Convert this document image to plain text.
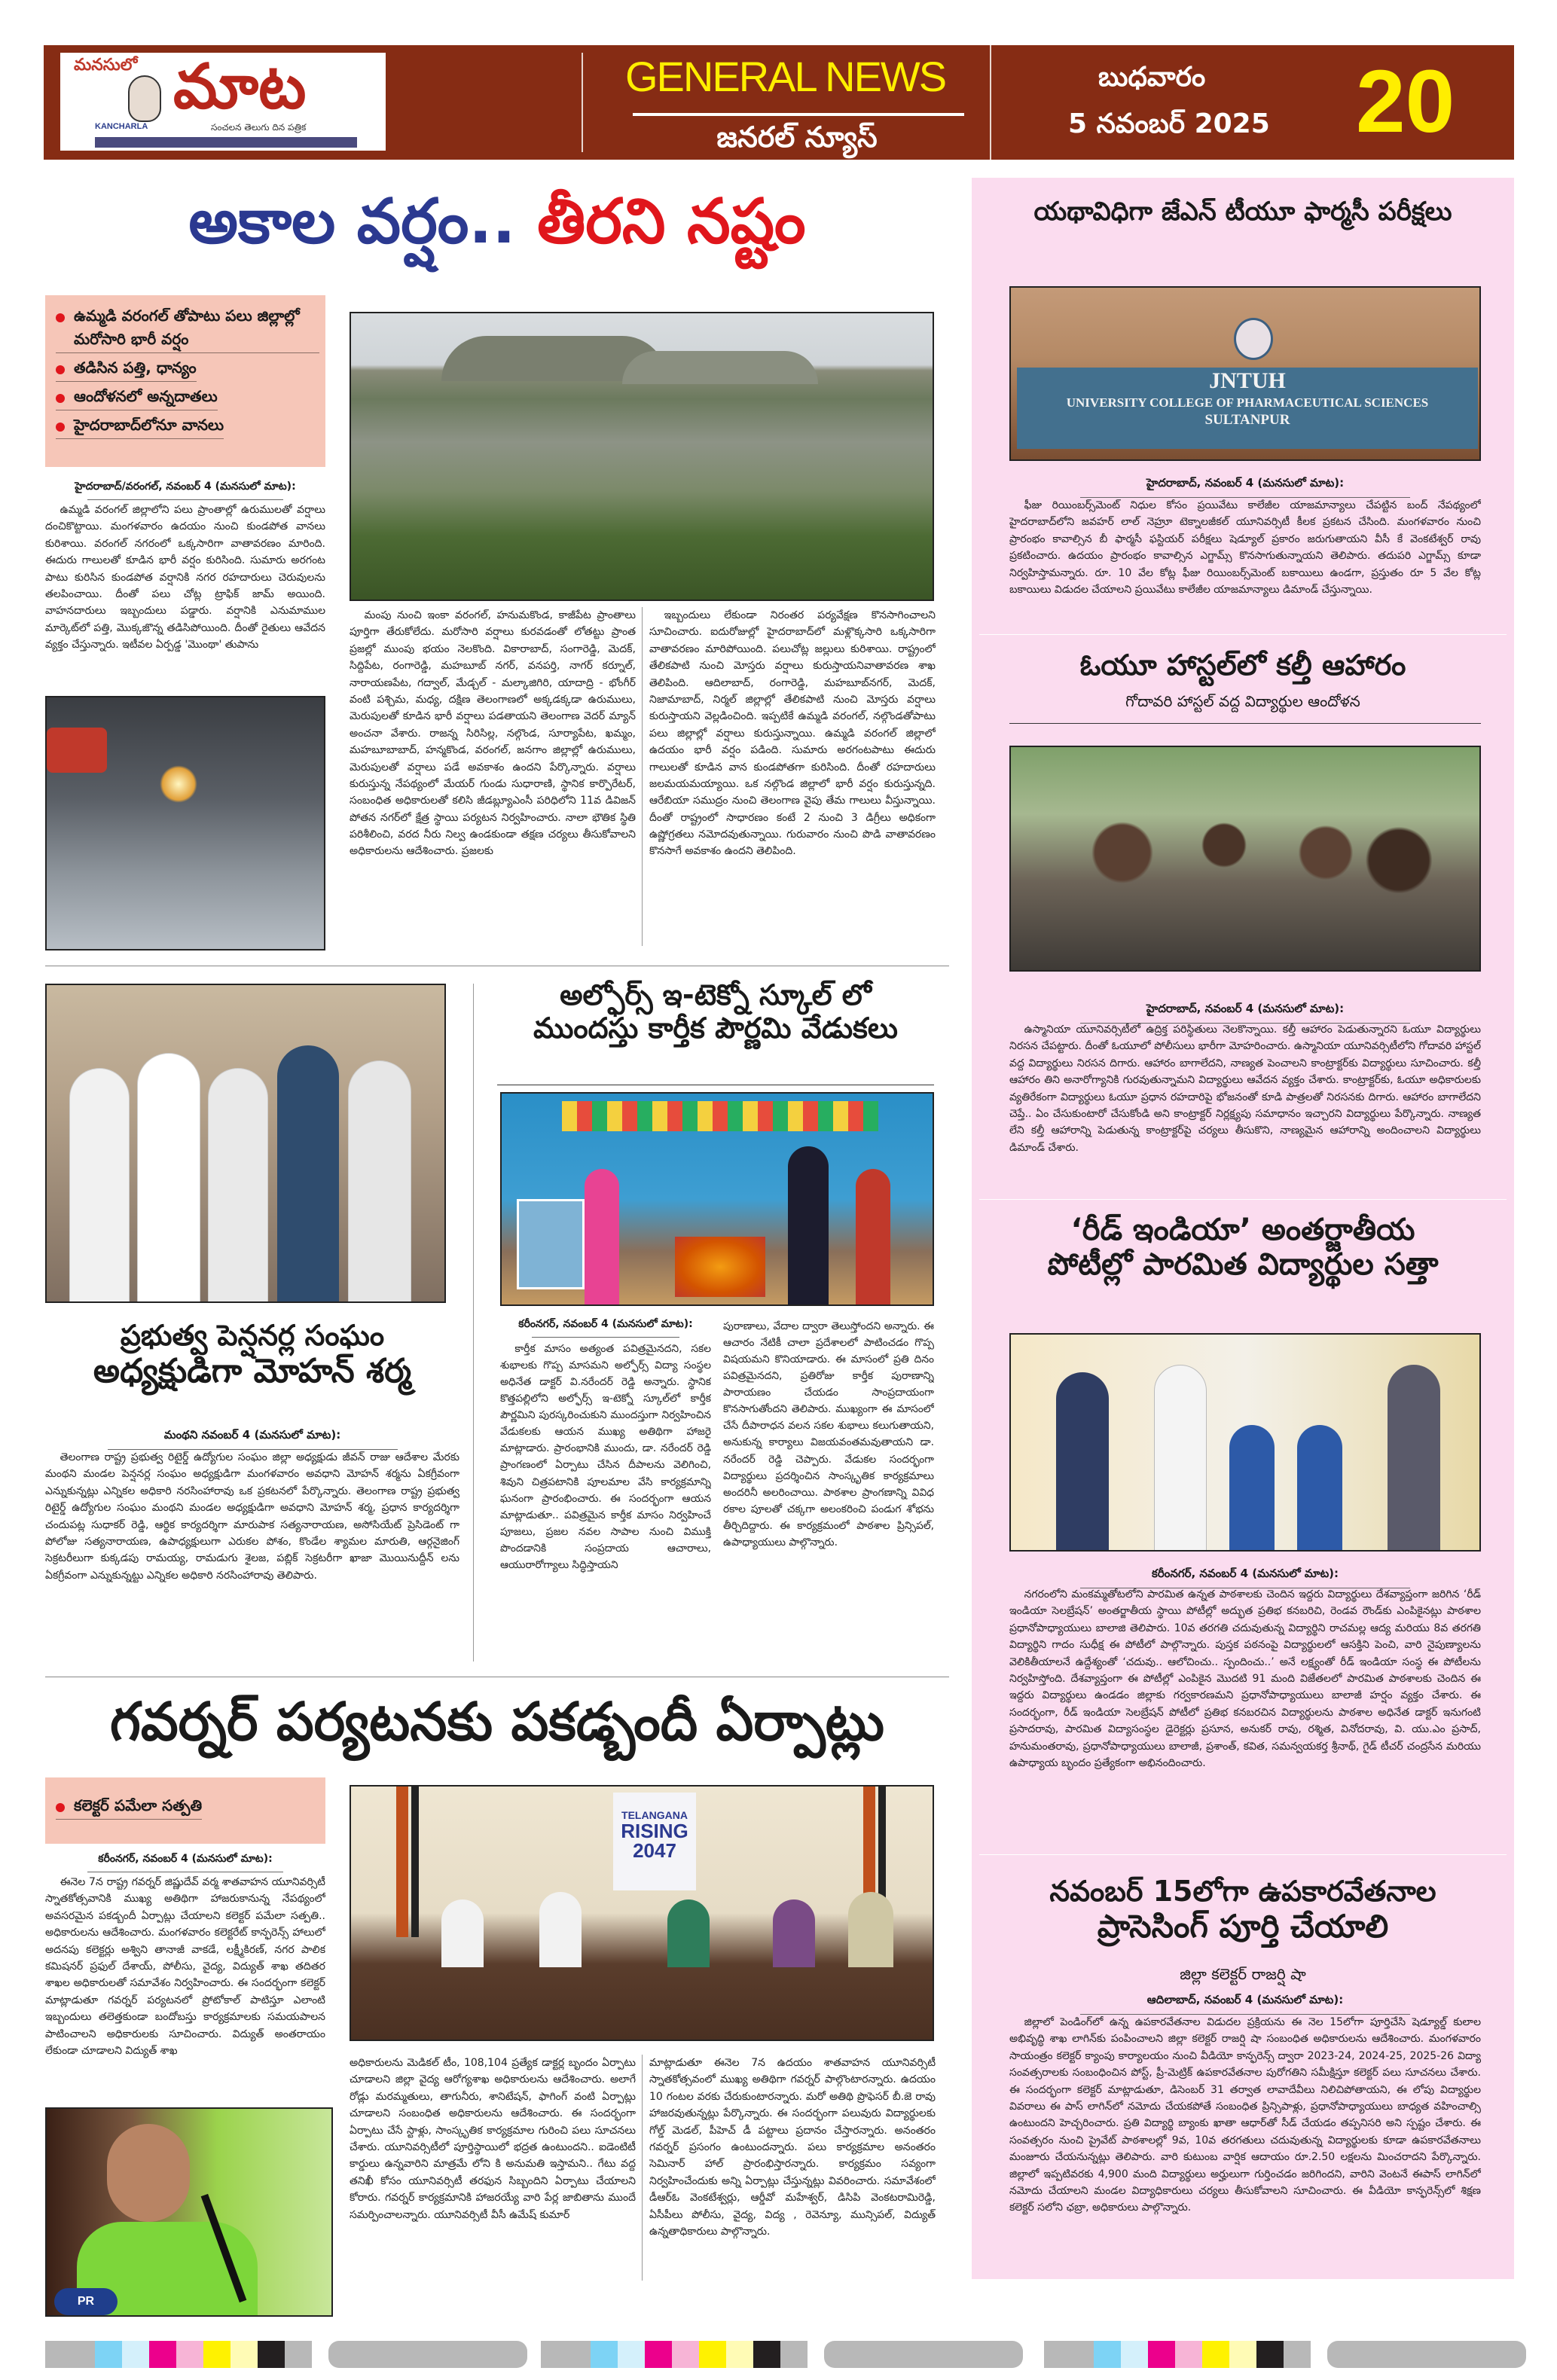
మనసులో మాట
KANCHARLA	సంచలన తెలుగు దిన పత్రిక
GENERAL NEWS
జనరల్ న్యూస్
బుధవారం
5 నవంబర్ 2025 20
అకాల వర్షం.. తీరని నష్టం
ఉమ్మడి వరంగల్ తోపాటు పలు జిల్లాల్లో మరోసారి భారీ వర్షం
తడిసిన పత్తి, ధాన్యం
ఆందోళనలో అన్నదాతలు
హైదరాబాద్‌లోనూ వానలు
హైదరాబాద్/వరంగల్, నవంబర్ 4 (మనసులో మాట):
ఉమ్మడి వరంగల్ జిల్లాలోని పలు ప్రాంతాల్లో ఉరుములతో వర్షాలు దంచికొట్టాయి. మంగళవారం ఉదయం నుంచి కుండపోత వానలు కురిశాయి. వరంగల్ నగరంలో ఒక్కసారిగా వాతావరణం మారింది. ఈదురు గాలులతో కూడిన భారీ వర్షం కురిసింది. సుమారు అరగంట పాటు కురిసిన కుండపోత వర్షానికి నగర రహదారులు చెరువులను తలపించాయి. దీంతో పలు చోట్ల ట్రాఫిక్ జామ్ అయింది. వాహనదారులు ఇబ్బందులు పడ్డారు. వర్షానికి ఎనుమాముల మార్కెట్‌లో పత్తి, మొక్కజొన్న తడిసిపోయింది. దీంతో రైతులు ఆవేదన వ్యక్తం చేస్తున్నారు. ఇటీవల ఏర్పడ్డ 'మొంథా' తుపాను
మంపు నుంచి ఇంకా వరంగల్, హనుమకొండ, కాజీపేట ప్రాంతాలు పూర్తిగా తేరుకోలేదు. మరోసారి వర్షాలు కురవడంతో లోతట్టు ప్రాంత ప్రజల్లో ముంపు భయం నెలకొంది. వికారాబాద్, సంగారెడ్డి, మెదక్, సిద్దిపేట, రంగారెడ్డి, మహబూబ్ నగర్, వనపర్తి, నాగర్ కర్నూల్, నారాయణపేట, గద్వాల్, మేడ్చల్ - మల్కాజిగిరి, యాదాద్రి - భోంగీర్ వంటి పశ్చిమ, మధ్య, దక్షిణ తెలంగాణలో అక్కడక్కడా ఉరుములు, మెరుపులతో కూడిన భారీ వర్షాలు పడతాయని తెలంగాణ వెదర్ మ్యాన్ అంచనా వేశారు. రాజన్న సిరిసిల్ల, నల్గొండ, సూర్యాపేట, ఖమ్మం, మహబూబాబాద్, హన్మకొండ, వరంగల్, జనగాం జిల్లాల్లో ఉరుములు, మెరుపులతో వర్షాలు పడే అవకాశం ఉందని పేర్కొన్నారు. వర్షాలు కురుస్తున్న నేపథ్యంలో మేయర్ గుండు సుధారాణి, స్థానిక కార్పొరేటర్, సంబంధిత అధికారులతో కలిసి జీడబ్ల్యూఎంసీ పరిధిలోని 11వ డివిజన్ పోతన నగర్‌లో క్షేత్ర స్థాయి పర్యటన నిర్వహించారు. నాలా భౌతిక స్థితి పరిశీలించి, వరద నీరు నిల్వ ఉండకుండా తక్షణ చర్యలు తీసుకోవాలని అధికారులను ఆదేశించారు. ప్రజలకు
ఇబ్బందులు లేకుండా నిరంతర పర్యవేక్షణ కొనసాగించాలని సూచించారు. ఐదురోజుల్లో హైదరాబాద్‌లో మళ్లొక్కసారి ఒక్కసారిగా వాతావరణం మారిపోయింది. పలుచోట్ల జల్లులు కురిశాయి. రాష్ట్రంలో తేలికపాటి నుంచి మోస్తరు వర్షాలు కురుస్తాయనివాతావరణ శాఖ తెలిపింది. ఆదిలాబాద్, రంగారెడ్డి, మహబూబ్‌నగర్, మెదక్, నిజామాబాద్, నిర్మల్ జిల్లాల్లో తేలికపాటి నుంచి మోస్తరు వర్షాలు కురుస్తాయని వెల్లడించింది. ఇప్పటికే ఉమ్మడి వరంగల్, నల్గొండతోపాటు పలు జిల్లాల్లో వర్షాలు కురుస్తున్నాయి. ఉమ్మడి వరంగల్ జిల్లాలో ఉదయం భారీ వర్షం పడింది. సుమారు అరగంటపాటు ఈదురు గాలులతో కూడిన వాన కుండపోతగా కురిసింది. దీంతో రహదారులు జలమయమయ్యాయి. ఒక నల్గొండ జిల్లాలో భారీ వర్షం కురుస్తున్నది. ఆరేబియా సముద్రం నుంచి తెలంగాణ వైపు తేమ గాలులు వీస్తున్నాయి. దీంతో రాష్ట్రంలో సాధారణం కంటే 2 నుంచి 3 డిగ్రీలు అధికంగా ఉష్ణోగ్రతలు నమోదవుతున్నాయి. గురువారం నుంచి పొడి వాతావరణం కొనసాగే అవకాశం ఉందని తెలిపింది.
యథావిధిగా జేఎన్ టీయూ ఫార్మసీ పరీక్షలు
JNTUH
UNIVERSITY COLLEGE OF PHARMACEUTICAL SCIENCES
SULTANPUR
హైదరాబాద్, నవంబర్ 4 (మనసులో మాట):
ఫీజు రియింబర్స్‌మెంట్ నిధుల కోసం ప్రయివేటు కాలేజీల యాజమాన్యాలు చేపట్టిన బంద్ నేపథ్యంలో హైదరాబాద్‌లోని జవహర్ లాల్ నెహ్రూ టెక్నాలజీకల్ యూనివర్సిటీ కీలక ప్రకటన చేసింది. మంగళవారం నుంచి ప్రారంభం కావాల్సిన బీ ఫార్మసీ ఫస్టియర్ పరీక్షలు షెడ్యూల్ ప్రకారం జరుగుతాయని వీసీ కే వెంకటేశ్వర్ రావు ప్రకటించారు. ఉదయం ప్రారంభం కావాల్సిన ఎగ్జామ్స్ కొనసాగుతున్నాయని తెలిపారు. తదుపరి ఎగ్జామ్స్ కూడా నిర్వహిస్తామన్నారు. రూ. 10 వేల కోట్ల ఫీజు రియింబర్స్‌మెంట్ బకాయిలు ఉండగా, ప్రస్తుతం రూ 5 వేల కోట్ల బకాయిలు విడుదల చేయాలని ప్రయివేటు కాలేజీల యాజమాన్యాలు డిమాండ్ చేస్తున్నాయి.
ఓయూ హాస్టల్‌లో కల్తీ ఆహారం
గోదావరి హాస్టల్ వద్ద విద్యార్థుల ఆందోళన
హైదరాబాద్, నవంబర్ 4 (మనసులో మాట):
ఉస్మానియా యూనివర్సిటీలో ఉద్రిక్త పరిస్థితులు నెలకొన్నాయి. కల్తీ ఆహారం పెడుతున్నారని ఓయూ విద్యార్థులు నిరసన చేపట్టారు. దీంతో ఓయూలో పోలీసులు భారీగా మోహరించారు. ఉస్మానియా యూనివర్సిటీలోని గోదావరి హాస్టల్ వద్ద విద్యార్థులు నిరసన దిగారు. ఆహారం బాగాలేదని, నాణ్యత పెంచాలని కాంట్రాక్టర్‌కు విద్యార్థులు సూచించారు. కల్తీ ఆహారం తిని అనారోగ్యానికి గురవుతున్నామని విద్యార్థులు ఆవేదన వ్యక్తం చేశారు. కాంట్రాక్టర్‌కు, ఓయూ అధికారులకు వ్యతిరేకంగా విద్యార్థులు ఓయూ ప్రధాన రహదారిపై భోజనంతో కూడి పాత్రలతో నిరసనకు దిగారు. ఆహారం బాగాలేదని చెప్తే.. ఏం చేసుకుంటారో చేసుకోండి అని కాంట్రాక్టర్ నిర్లక్ష్యపు సమాధానం ఇచ్చారని విద్యార్థులు పేర్కొన్నారు. నాణ్యత లేని కల్తీ ఆహారాన్ని పెడుతున్న కాంట్రాక్టర్‌పై చర్యలు తీసుకొని, నాణ్యమైన ఆహారాన్ని అందించాలని విద్యార్థులు డిమాండ్ చేశారు.
‘రీడ్ ఇండియా’ అంతర్జాతీయ
పోటీల్లో పారమిత విద్యార్థుల సత్తా
కరీంనగర్, నవంబర్ 4 (మనసులో మాట):
నగరంలోని మంకమ్మతోటలోని పారమిత ఉన్నత పాఠశాలకు చెందిన ఇద్దరు విద్యార్థులు దేశవ్యాప్తంగా జరిగిన ‘రీడ్ ఇండియా సెలబ్రేషన్’ అంతర్జాతీయ స్థాయి పోటీల్లో అద్భుత ప్రతిభ కనబరిచి, రెండవ రౌండ్‌కు ఎంపికైనట్లు పాఠశాల ప్రధానోపాధ్యాయులు బాలాజి తెలిపారు. 10వ తరగతి చదువుతున్న విద్యార్థిని రాచమల్ల ఆద్య మరియు 8వ తరగతి విద్యార్థిని గాదం సుధీక్ష ఈ పోటీలో పాల్గొన్నారు. పుస్తక పఠనంపై విద్యార్థులలో ఆసక్తిని పెంచి, వారి నైపుణ్యాలను వెలికితీయాలనే ఉద్దేశ్యంతో ‘చదువు.. ఆలోచించు.. స్పందించు..’ అనే లక్ష్యంతో రీడ్ ఇండియా సంస్థ ఈ పోటీలను నిర్వహిస్తోంది. దేశవ్యాప్తంగా ఈ పోటీల్లో ఎంపికైన మొదటి 91 మంది విజేతలలో పారమిత పాఠశాలకు చెందిన ఈ ఇద్దరు విద్యార్థులు ఉండడం జిల్లాకు గర్వకారణమని ప్రధానోపాధ్యాయులు బాలాజీ హర్షం వ్యక్తం చేశారు. ఈ సందర్భంగా, రీడ్ ఇండియా సెలబ్రేషన్ పోటీలో ప్రతిభ కనబరచిన విద్యార్థులను పాఠశాల అధినేత డాక్టర్ ఇనుగంటి ప్రసాదరావు, పారమిత విద్యాసంస్థల డైరెక్టర్లు ప్రసూన, అనుకర్ రావు, రశ్మిత, వినోదరావు, వి. యు.ఎం ప్రసాద్, హనుమంతరావు, ప్రధానోపాధ్యాయులు బాలాజీ, ప్రశాంత్, కవిత, సమన్వయకర్త శ్రీనాథ్, గైడ్ టీచర్ చంద్రసేన మరియు ఉపాధ్యాయ బృందం ప్రత్యేకంగా అభినందించారు.
నవంబర్ 15లోగా ఉపకారవేతనాల
ప్రాసెసింగ్ పూర్తి చేయాలి
జిల్లా కలెక్టర్ రాజర్షి షా
ఆదిలాబాద్, నవంబర్ 4 (మనసులో మాట):
జిల్లాలో పెండింగ్‌లో ఉన్న ఉపకారవేతనాల విడుదల ప్రక్రియను ఈ నెల 15లోగా పూర్తిచేసి షెడ్యూల్డ్ కులాల అభివృద్ధి శాఖ లాగిన్‌కు పంపించాలని జిల్లా కలెక్టర్ రాజర్షి షా సంబంధిత అధికారులను ఆదేశించారు. మంగళవారం సాయంత్రం కలెక్టర్ క్యాంపు కార్యాలయం నుంచి వీడియో కాన్ఫరెన్స్ ద్వారా 2023-24, 2024-25, 2025-26 విద్యా సంవత్సరాలకు సంబంధించిన పోస్ట్, ప్రీ-మెట్రిక్ ఉపకారవేతనాల పురోగతిని సమీక్షిస్తూ కలెక్టర్ పలు సూచనలు చేశారు. ఈ సందర్భంగా కలెక్టర్ మాట్లాడుతూ, డిసెంబర్ 31 తర్వాత లావాదేవీలు నిలిచిపోతాయని, ఈ లోపు విద్యార్థుల వివరాలు ఈ పాస్ లాగిన్‌లో నమోదు చేయకపోతే సంబంధిత ప్రిన్సిపాళ్లు, ప్రధానోపాధ్యాయులు బాధ్యత వహించాల్సి ఉంటుందని హెచ్చరించారు. ప్రతి విద్యార్థి బ్యాంకు ఖాతా ఆధార్‌తో సీడ్ చేయడం తప్పనిసరి అని స్పష్టం చేశారు. ఈ సంవత్సరం నుంచి ప్రైవేట్ పాఠశాలల్లో 9వ, 10వ తరగతులు చదువుతున్న విద్యార్థులకు కూడా ఉపకారవేతనాలు మంజూరు చేయనున్నట్లు తెలిపారు. వారి కుటుంబ వార్షిక ఆదాయం రూ.2.50 లక్షలను మించరాదని పేర్కొన్నారు. జిల్లాలో ఇప్పటివరకు 4,900 మంది విద్యార్థులు అర్హులుగా గుర్తించడం జరిగిందని, వారిని వెంటనే ఈపాస్ లాగిన్‌లో నమోదు చేయాలని మండల విద్యాధికారులు చర్యలు తీసుకోవాలని సూచించారు. ఈ వీడియో కాన్ఫరెన్స్‌లో శిక్షణ కలెక్టర్ సలోని ఛబ్రా, అధికారులు పాల్గొన్నారు.
ప్రభుత్వ పెన్షనర్ల సంఘం
అధ్యక్షుడిగా మోహన్ శర్మ
మంథని నవంబర్ 4 (మనసులో మాట):
తెలంగాణ రాష్ట్ర ప్రభుత్వ రిటైర్డ్ ఉద్యోగుల సంఘం జిల్లా అధ్యక్షుడు జీవన్ రాజు ఆదేశాల మేరకు మంథని మండల పెన్షనర్ల సంఘం అధ్యక్షుడిగా మంగళవారం అవధాని మోహన్ శర్మను ఏకగ్రీవంగా ఎన్నుకున్నట్లు ఎన్నికల అధికారి నరసింహారావు ఒక ప్రకటనలో పేర్కొన్నారు. తెలంగాణ రాష్ట్ర ప్రభుత్వ రిటైర్డ్ ఉద్యోగుల సంఘం మంథని మండల అధ్యక్షుడిగా అవధాని మోహన్ శర్మ, ప్రధాన కార్యదర్శిగా చందుపట్ల సుధాకర్ రెడ్డి, ఆర్థిక కార్యదర్శిగా మారుపాక సత్యనారాయణ, అసోసియేట్ ప్రెసిడెంట్ గా పోలోజు సత్యనారాయణ, ఉపాధ్యక్షులుగా ఎరుకల పోశం, కొండేల శ్యామల మారుతి, ఆర్గనైజింగ్ సెక్రటరీలుగా కుక్కడపు రామయ్య, రామడుగు శైలజ, పబ్లిక్ సెక్రటరీగా ఖాజా మొయినుద్దీన్ లను ఏకగ్రీవంగా ఎన్నుకున్నట్టు ఎన్నికల అధికారి నరసింహారావు తెలిపారు.
అల్ఫోర్స్ ఇ-టెక్నో స్కూల్ లో
ముందస్తు కార్తీక పౌర్ణమి వేడుకలు
కరీంనగర్, నవంబర్ 4 (మనసులో మాట):
కార్తీక మాసం అత్యంత పవిత్రమైనదని, సకల శుభాలకు గొప్ప మాసమని అల్ఫోర్స్ విద్యా సంస్థల అధినేత డాక్టర్ వి.నరేందర్ రెడ్డి అన్నారు. స్థానిక కొత్తపల్లిలోని అల్ఫోర్స్ ఇ-టెక్నో స్కూల్‌లో కార్తీక పౌర్ణమిని పురస్కరించుకుని ముందస్తుగా నిర్వహించిన వేడుకలకు ఆయన ముఖ్య అతిథిగా హాజరై మాట్లాడారు. ప్రారంభానికి ముందు, డా. నరేందర్ రెడ్డి ప్రాంగణంలో ఏర్పాటు చేసిన దీపాలను వెలిగించి, శివుని చిత్రపటానికి పూలమాల వేసి కార్యక్రమాన్ని ఘనంగా ప్రారంభించారు. ఈ సందర్భంగా ఆయన మాట్లాడుతూ.. పవిత్రమైన కార్తీక మాసం నిర్వహించే పూజలు, ప్రజల నవల సాపాల నుంచి విముక్తి పొందడానికి సంప్రదాయ ఆచారాలు, ఆయురారోగ్యాలు సిద్ధిస్తాయని
పురాణాలు, వేదాల ద్వారా తెలుస్తోందని అన్నారు. ఈ ఆచారం నేటికీ చాలా ప్రదేశాలలో పాటించడం గొప్ప విషయమని కొనియాడారు. ఈ మాసంలో ప్రతి దినం పవిత్రమైనదని, ప్రతిరోజు కార్తీక పురాణాన్ని పారాయణం చేయడం సాంప్రదాయంగా కొనసాగుతోందని తెలిపారు. ముఖ్యంగా ఈ మాసంలో చేసే దీపారాధన వలన సకల శుభాలు కలుగుతాయని, అనుకున్న కార్యాలు విజయవంతమవుతాయని డా. నరేందర్ రెడ్డి చెప్పారు. వేడుకల సందర్భంగా విద్యార్థులు ప్రదర్శించిన సాంస్కృతిక కార్యక్రమాలు అందరినీ అలరించాయి. పాఠశాల ప్రాంగణాన్ని వివిధ రకాల పూలతో చక్కగా అలంకరించి పండుగ శోభను తీర్చిదిద్దారు. ఈ కార్యక్రమంలో పాఠశాల ప్రిన్సిపల్, ఉపాధ్యాయులు పాల్గొన్నారు.
గవర్నర్ పర్యటనకు పకడ్బందీ ఏర్పాట్లు
కలెక్టర్ పమేలా సత్పతి
కరీంనగర్, నవంబర్ 4 (మనసులో మాట):
ఈనెల 7న రాష్ట్ర గవర్నర్ జిష్ణుదేవ్ వర్మ శాతవాహన యూనివర్సిటీ స్నాతకోత్సవానికి ముఖ్య అతిథిగా హాజరుకానున్న నేపథ్యంలో అవసరమైన పకడ్బందీ ఏర్పాట్లు చేయాలని కలెక్టర్ పమేలా సత్పతి.. అధికారులను ఆదేశించారు. మంగళవారం కలెక్టరేట్ కాన్ఫరెన్స్ హాలులో అదనపు కలెక్టర్లు అశ్విని తానాజీ వాకడే, లక్ష్మీకిరణ్, నగర పాలిక కమిషనర్ ప్రఫుల్ దేశాయ్, పోలీసు, వైద్య, విద్యుత్ శాఖ తదితర శాఖల అధికారులతో సమావేశం నిర్వహించారు. ఈ సందర్భంగా కలెక్టర్ మాట్లాడుతూ గవర్నర్ పర్యటనలో ప్రోటోకాల్ పాటిస్తూ ఎలాంటి ఇబ్బందులు తలెత్తకుండా బందోబస్తు కార్యక్రమాలకు సమయపాలన పాటించాలని అధికారులకు సూచించారు. విద్యుత్ అంతరాయం లేకుండా చూడాలని విద్యుత్ శాఖ
TELANGANA
RISING
2047
అధికారులను మెడికల్ టీం, 108,104 ప్రత్యేక డాక్టర్ల బృందం ఏర్పాటు చూడాలని జిల్లా వైద్య ఆరోగ్యశాఖ అధికారులను ఆదేశించారు. అలాగే రోడ్లు మరమ్మతులు, తాగునీరు, శానిటేషన్, ఫాగింగ్ వంటి ఏర్పాట్లు చూడాలని సంబంధిత అధికారులను ఆదేశించారు. ఈ సందర్భంగా ఏర్పాటు చేసే స్టాళ్లు, సాంస్కృతిక కార్యక్రమాల గురించి పలు సూచనలు చేశారు. యూనివర్సిటీలో పూర్తిస్థాయిలో భద్రత ఉంటుందని.. ఐడెంటిటీ కార్డులు ఉన్నవారిని మాత్రమే లోని కి అనుమతి ఇస్తామని.. గేటు వద్ద తనిఖీ కోసం యూనివర్సిటీ తరఫున సిబ్బందిని ఏర్పాటు చేయాలని కోరారు. గవర్నర్ కార్యక్రమానికి హాజరయ్యే వారి పేర్ల జాబితాను ముందే సమర్పించాలన్నారు. యూనివర్సిటీ వీసీ ఉమేష్ కుమార్
మాట్లాడుతూ ఈనెల 7న ఉదయం శాతవాహన యూనివర్సిటీ స్నాతకోత్సవంలో ముఖ్య అతిథిగా గవర్నర్ పాల్గొంటారన్నారు. ఉదయం 10 గంటల వరకు చేరుకుంటారన్నారు. మరో అతిథి ప్రొఫెసర్ బీ.జె రావు హాజరవుతున్నట్లు పేర్కొన్నారు. ఈ సందర్భంగా పలువురు విద్యార్థులకు గోల్డ్ మెడల్, పీహెచ్ డీ పట్టాలు ప్రదానం చేస్తారన్నారు. అనంతరం గవర్నర్ ప్రసంగం ఉంటుందన్నారు. పలు కార్యక్రమాల అనంతరం సెమినార్ హాల్ ప్రారంభిస్తారన్నారు. కార్యక్రమం సవ్యంగా నిర్వహించేందుకు అన్ని ఏర్పాట్లు చేస్తున్నట్లు వివరించారు. సమావేశంలో డీఆర్ఓ వెంకటేశ్వర్లు, ఆర్డీవో మహేశ్వర్, డిసిపి వెంకటరామిరెడ్డి, ఏసీపీలు పోలీసు, వైద్య, విద్య , రెవెన్యూ, మున్సిపల్, విద్యుత్ ఉన్నతాధికారులు పాల్గొన్నారు.
PR
